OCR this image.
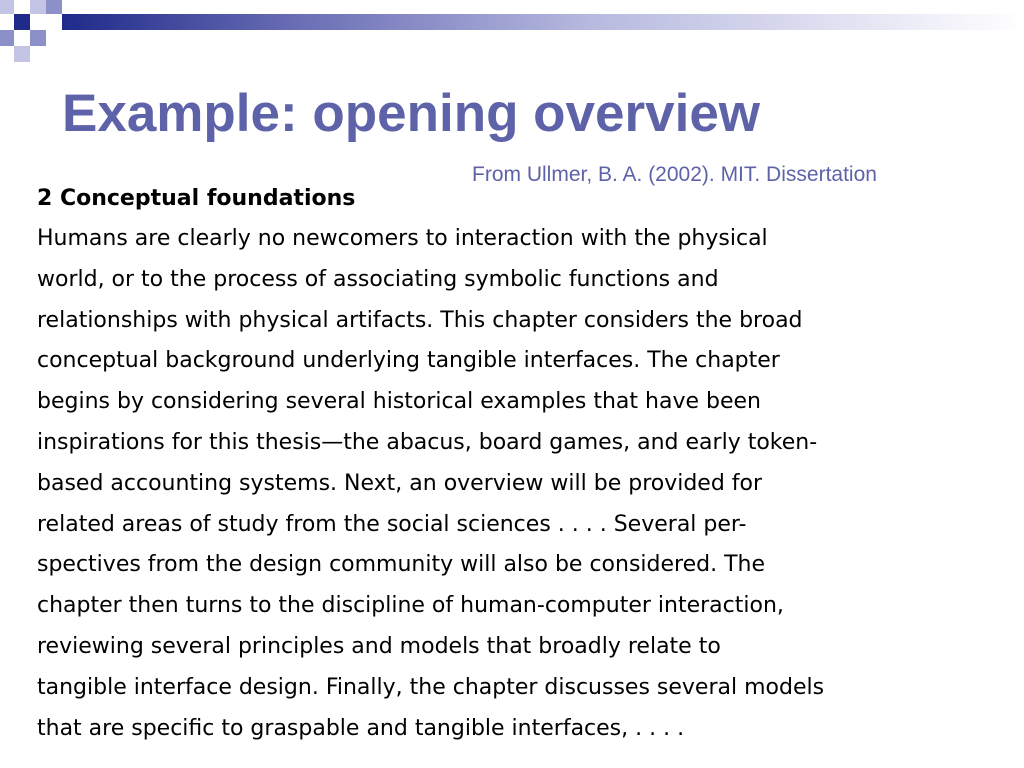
Example: opening overview

From Ullmer, B. A. (2002). MIT. Dissertation

2 Conceptual foundations

Humans are clearly no newcomers to interaction with the physical

world, or to the process of associating symbolic functions and

relationships with physical artifacts. This chapter considers the broad

conceptual background underlying tangible interfaces. The chapter

begins by considering several historical examples that have been

inspirations for this thesis—the abacus, board games, and early token-

based accounting systems. Next, an overview will be provided for

related areas of study from the social sciences . . . . Several per-

spectives from the design community will also be considered. The

chapter then turns to the discipline of human-computer interaction,

reviewing several principles and models that broadly relate to

tangible interface design. Finally, the chapter discusses several models

that are specific to graspable and tangible interfaces, . . . .
